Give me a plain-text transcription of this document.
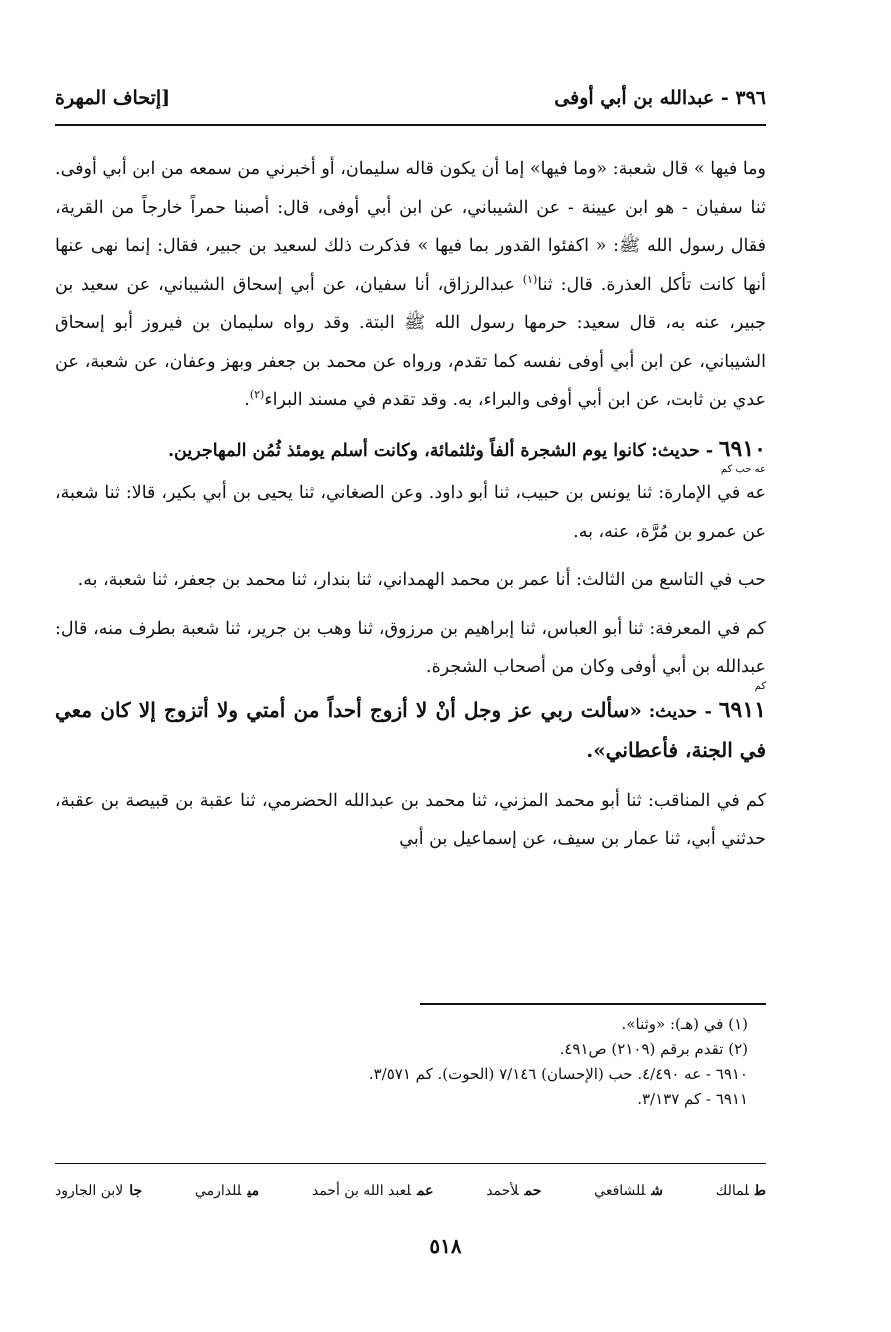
٣٩٦ - عبدالله بن أبي أوفى
[إتحاف المهرة

وما فيها » قال شعبة: «وما فيها» إما أن يكون قاله سليمان، أو أخبرني من سمعه من ابن أبي أوفى. ثنا سفيان - هو ابن عيينة - عن الشيباني، عن ابن أبي أوفى، قال: أصبنا حمراً خارجاً من القرية، فقال رسول الله ﷺ: « اكفئوا القدور بما فيها » فذكرت ذلك لسعيد بن جبير، فقال: إنما نهى عنها أنها كانت تأكل العذرة. قال: ثنا$^{(١)}$ عبدالرزاق، أنا سفيان، عن أبي إسحاق الشيباني، عن سعيد بن جبير، عنه به، قال سعيد: حرمها رسول الله ﷺ البتة. وقد رواه سليمان بن فيروز أبو إسحاق الشيباني، عن ابن أبي أوفى نفسه كما تقدم، ورواه عن محمد بن جعفر وبهز وعفان، عن شعبة، عن عدي بن ثابت، عن ابن أبي أوفى والبراء، به. وقد تقدم في مسند البراء$^{(٢)}$.

٦٩١٠ - حديث: كانوا يوم الشجرة ألفاً وثلثمائة، وكانت أسلم يومئذ ثُمُن المهاجرين.

عه حب كم

عه في الإمارة: ثنا يونس بن حبيب، ثنا أبو داود. وعن الصغاني، ثنا يحيى بن أبي بكير، قالا: ثنا شعبة، عن عمرو بن مُرَّة، عنه، به.

حب في التاسع من الثالث: أنا عمر بن محمد الهمداني، ثنا بندار، ثنا محمد بن جعفر، ثنا شعبة، به.

كم في المعرفة: ثنا أبو العباس، ثنا إبراهيم بن مرزوق، ثنا وهب بن جرير، ثنا شعبة بطرف منه، قال: عبدالله بن أبي أوفى وكان من أصحاب الشجرة.

كم

٦٩١١ - حديث: «سألت ربي عز وجل أنْ لا أزوج أحداً من أمتي ولا أتزوج إلا كان معي في الجنة، فأعطاني».

كم في المناقب: ثنا أبو محمد المزني، ثنا محمد بن عبدالله الحضرمي، ثنا عقبة بن قبيصة بن عقبة، حدثني أبي، ثنا عمار بن سيف، عن إسماعيل بن أبي

(١) في (هـ): «وثنا».
(٢) تقدم برقم (٢١٠٩) ص٤٩١.
٦٩١٠ - عه ٤/٤٩٠. حب (الإحسان) ٧/١٤٦ (الحوت). كم ٣/٥٧١.
٦٩١١ - كم ٣/١٣٧.
طلمالك
شللشافعي
حملأحمد
عملعبد الله بن أحمد
ميللدارمي
جالابن الجارود
٥١٨
